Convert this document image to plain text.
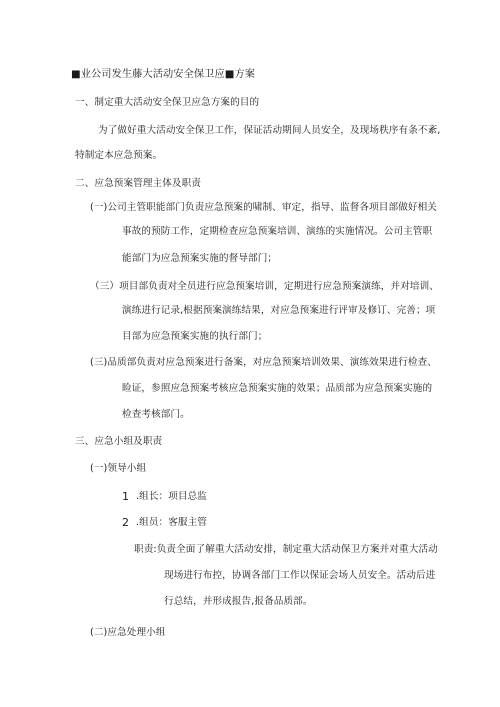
■业公司发生藤大活动安全保卫应■方案
一、制定重大活动安全保卫应急方案的目的
为了做好重大活动安全保卫工作，保证活动期间人员安全，及现场秩序有条不紊,
特制定本应急预案。
二、应急预案管理主体及职责
(一)公司主管职能部门负责应急预案的啸制、审定，指导、监督各项目部做好相关
事故的预防工作，定期检查应急预案培训、演练的实施情况。公司主管职
能部门为应急预案实施的督导部门；
（三）项目部负责对全员进行应急预案培训，定期进行应急预案演练，并对培训、
演练进行记录,根据预案演练结果，对应急预案进行评审及修订、完善；项
目部为应急预案实施的执行部门；
(三)品质部负责对应急预案进行备案，对应急预案培训效果、演练效果进行检查、
睑证，参照应急预案考核应急预案实施的效果；品质部为应急预案实施的
检查考核部门。
三、应急小组及职责
(一)领导小组
1 .组长：项目总监
2 .组员：客服主管
职责:负责全面了解重大活动安排，制定重大活动保卫方案并对重大活动
现场进行布控，协调各部门工作以保证会场人员安全。活动后进
行总结，并形成报告,报备品质部。
(二)应急处理小组
